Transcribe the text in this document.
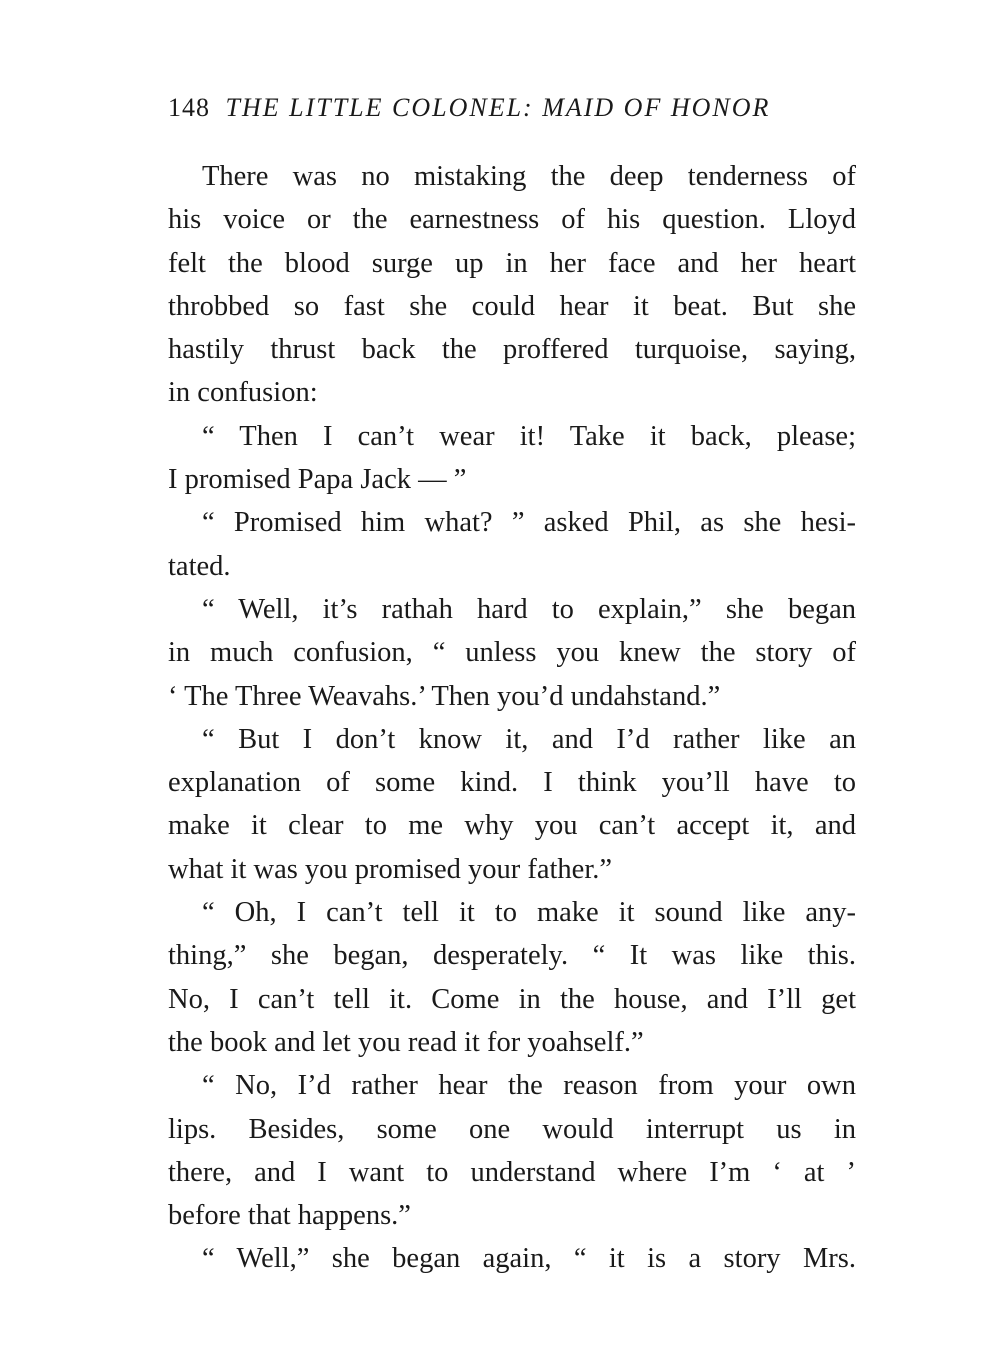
148 THE LITTLE COLONEL: MAID OF HONOR
There was no mistaking the deep tenderness of
his voice or the earnestness of his question. Lloyd
felt the blood surge up in her face and her heart
throbbed so fast she could hear it beat. But she
hastily thrust back the proffered turquoise, saying,
in confusion:
“ Then I can’t wear it! Take it back, please;
I promised Papa Jack — ”
“ Promised him what? ” asked Phil, as she hesi-
tated.
“ Well, it’s rathah hard to explain,” she began
in much confusion, “ unless you knew the story of
‘ The Three Weavahs.’ Then you’d undahstand.”
“ But I don’t know it, and I’d rather like an
explanation of some kind. I think you’ll have to
make it clear to me why you can’t accept it, and
what it was you promised your father.”
“ Oh, I can’t tell it to make it sound like any-
thing,” she began, desperately. “ It was like this.
No, I can’t tell it. Come in the house, and I’ll get
the book and let you read it for yoahself.”
“ No, I’d rather hear the reason from your own
lips. Besides, some one would interrupt us in
there, and I want to understand where I’m ‘ at ’
before that happens.”
“ Well,” she began again, “ it is a story Mrs.
